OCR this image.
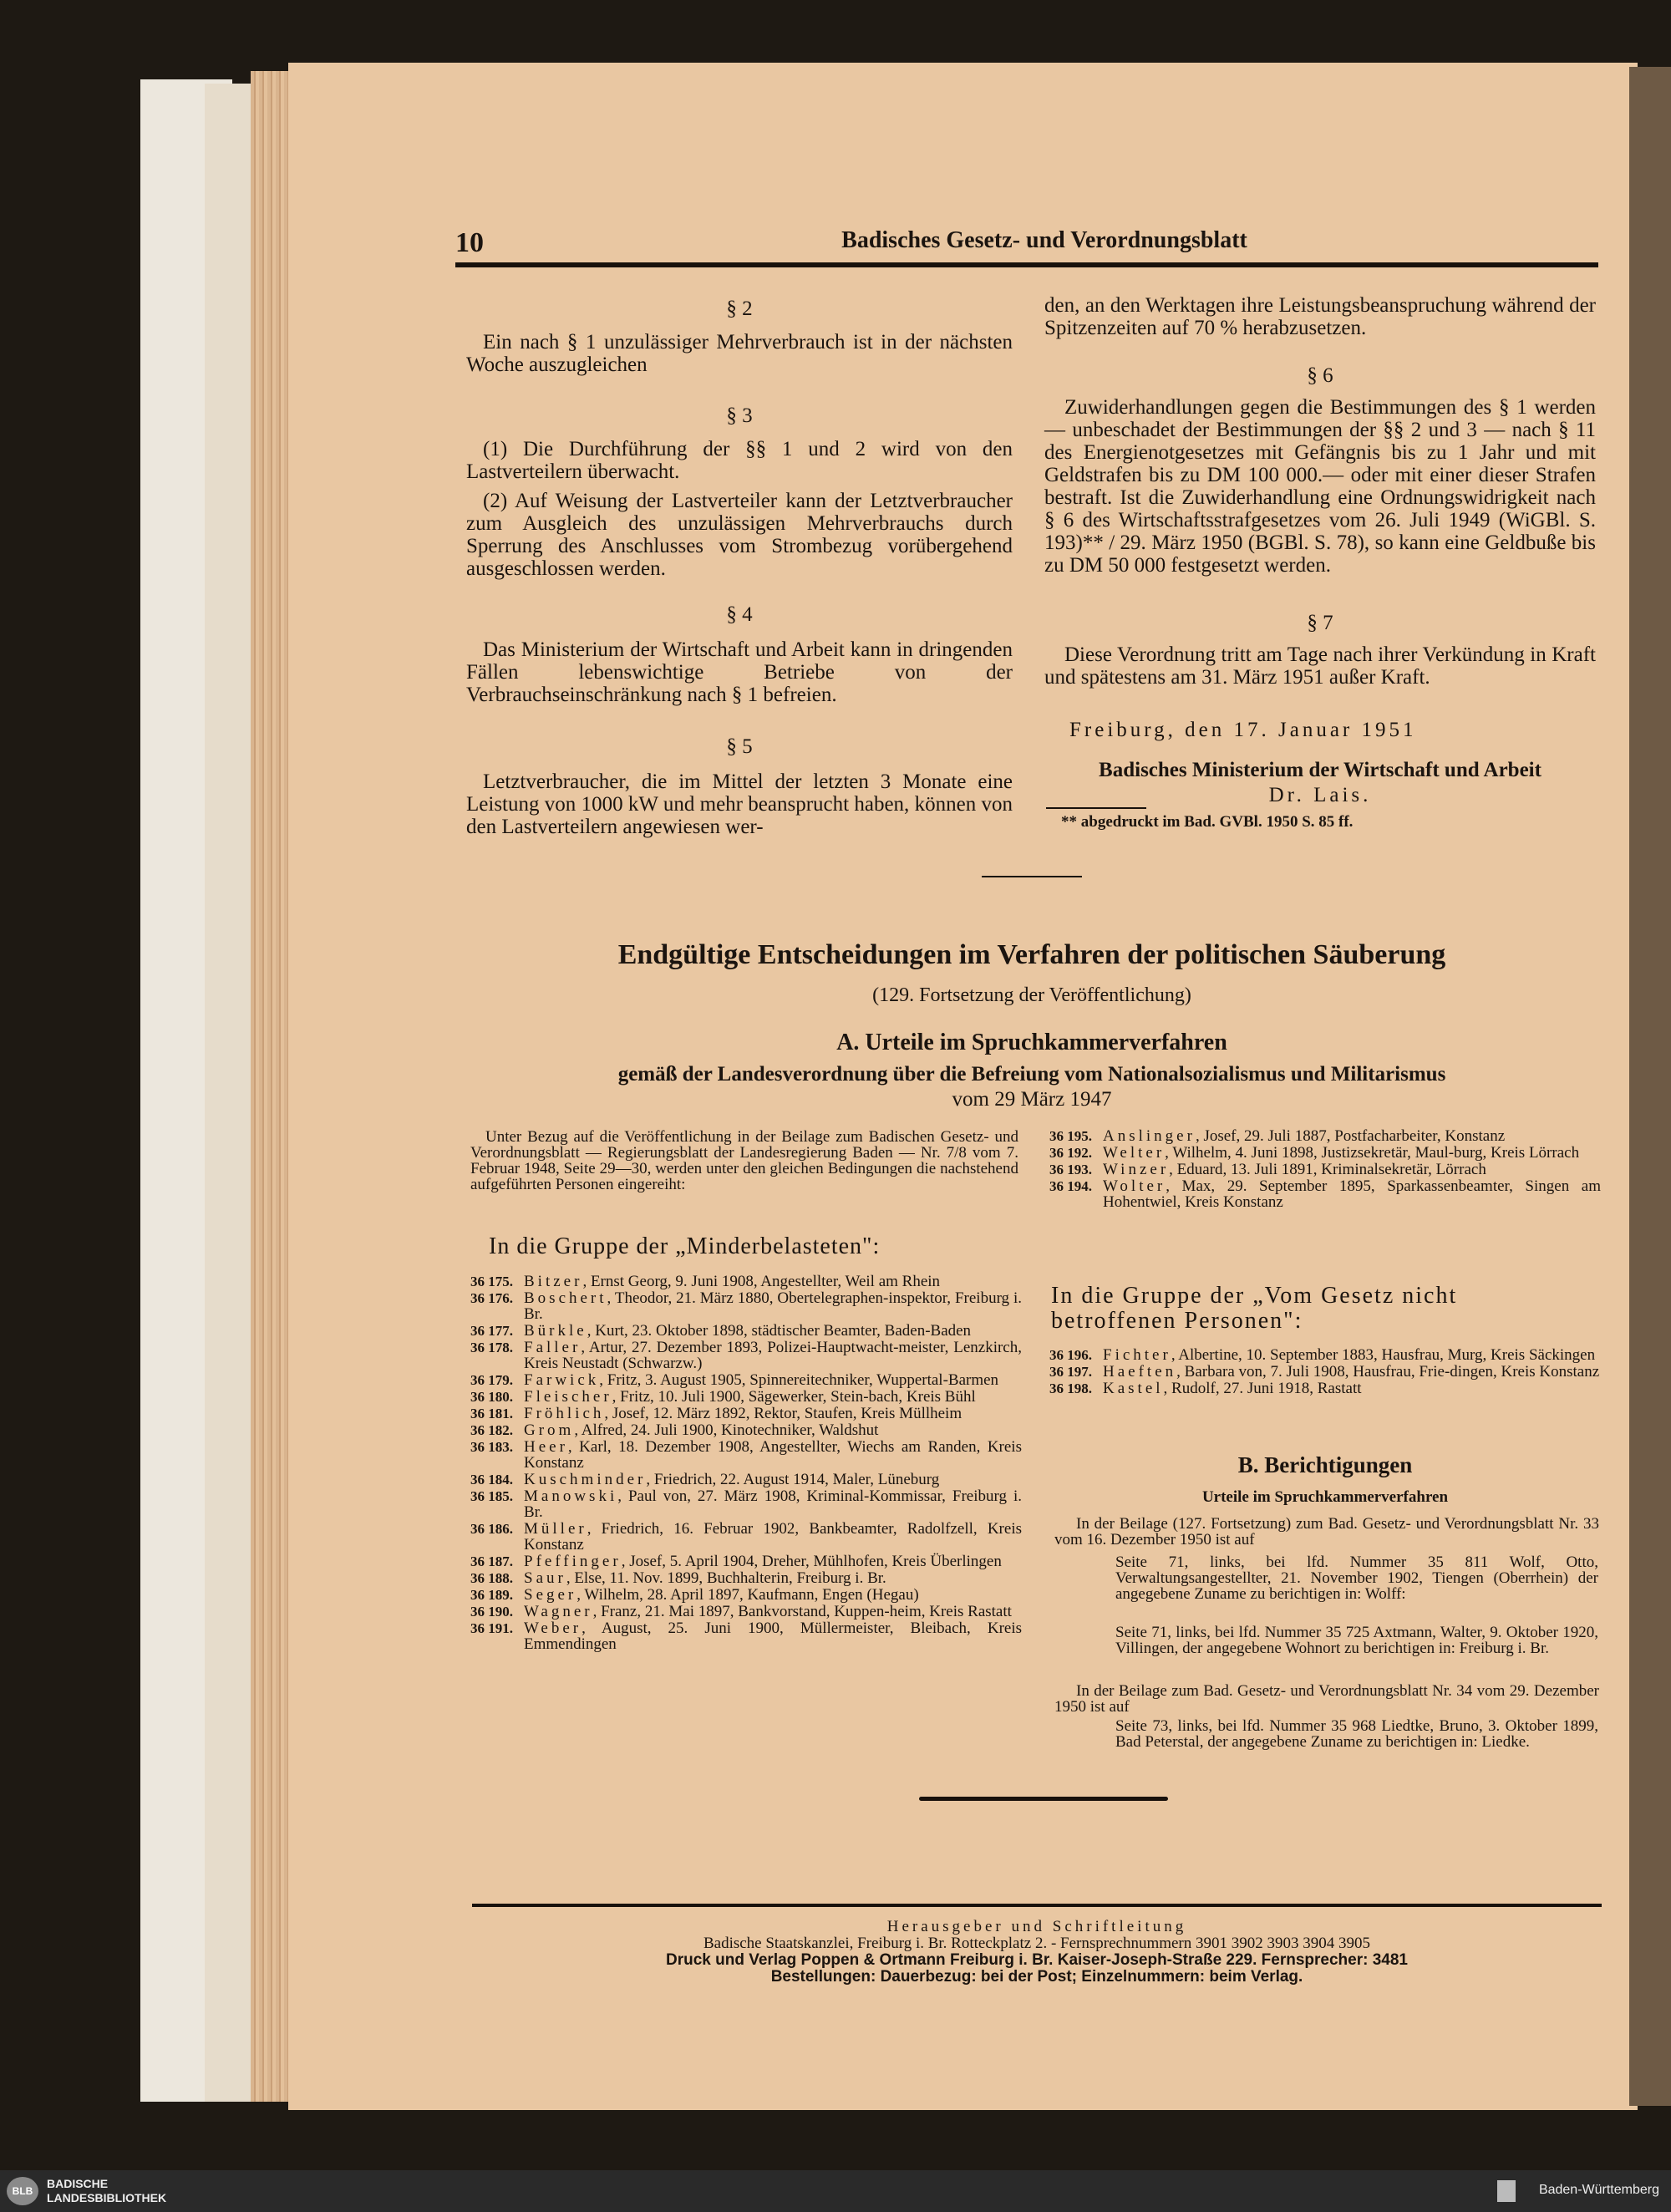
10	Badisches Gesetz- und Verordnungsblatt
§ 2
Ein nach § 1 unzulässiger Mehrverbrauch ist in der nächsten Woche auszugleichen
§ 3
(1) Die Durchführung der §§ 1 und 2 wird von den Lastverteilern überwacht.
(2) Auf Weisung der Lastverteiler kann der Letztverbraucher zum Ausgleich des unzulässigen Mehrverbrauchs durch Sperrung des Anschlusses vom Strombezug vorübergehend ausgeschlossen werden.
§ 4
Das Ministerium der Wirtschaft und Arbeit kann in dringenden Fällen lebenswichtige Betriebe von der Verbrauchseinschränkung nach § 1 befreien.
§ 5
Letztverbraucher, die im Mittel der letzten 3 Monate eine Leistung von 1000 kW und mehr beansprucht haben, können von den Lastverteilern angewiesen wer-
den, an den Werktagen ihre Leistungsbeanspruchung während der Spitzenzeiten auf 70 % herabzusetzen.
§ 6
Zuwiderhandlungen gegen die Bestimmungen des § 1 werden — unbeschadet der Bestimmungen der §§ 2 und 3 — nach § 11 des Energienotgesetzes mit Gefängnis bis zu 1 Jahr und mit Geldstrafen bis zu DM 100 000.— oder mit einer dieser Strafen bestraft. Ist die Zuwiderhandlung eine Ordnungswidrigkeit nach § 6 des Wirtschaftsstrafgesetzes vom 26. Juli 1949 (WiGBl. S. 193)** / 29. März 1950 (BGBl. S. 78), so kann eine Geldbuße bis zu DM 50 000 festgesetzt werden.
§ 7
Diese Verordnung tritt am Tage nach ihrer Verkündung in Kraft und spätestens am 31. März 1951 außer Kraft.
Freiburg, den 17. Januar 1951
Badisches Ministerium der Wirtschaft und Arbeit
Dr. Lais.
** abgedruckt im Bad. GVBl. 1950 S. 85 ff.
Endgültige Entscheidungen im Verfahren der politischen Säuberung
(129. Fortsetzung der Veröffentlichung)
A. Urteile im Spruchkammerverfahren
gemäß der Landesverordnung über die Befreiung vom Nationalsozialismus und Militarismus
vom 29 März 1947
Unter Bezug auf die Veröffentlichung in der Beilage zum Badischen Gesetz- und Verordnungsblatt — Regierungsblatt der Landesregierung Baden — Nr. 7/8 vom 7. Februar 1948, Seite 29—30, werden unter den gleichen Bedingungen die nachstehend aufgeführten Personen eingereiht:
In die Gruppe der „Minderbelasteten":
36 175. Bitzer, Ernst Georg, 9. Juni 1908, Angestellter, Weil am Rhein
36 176. Boschert, Theodor, 21. März 1880, Obertelegraphen-inspektor, Freiburg i. Br.
36 177. Bürkle, Kurt, 23. Oktober 1898, städtischer Beamter, Baden-Baden
36 178. Faller, Artur, 27. Dezember 1893, Polizei-Hauptwacht-meister, Lenzkirch, Kreis Neustadt (Schwarzw.)
36 179. Farwick, Fritz, 3. August 1905, Spinnereitechniker, Wuppertal-Barmen
36 180. Fleischer, Fritz, 10. Juli 1900, Sägewerker, Stein-bach, Kreis Bühl
36 181. Fröhlich, Josef, 12. März 1892, Rektor, Staufen, Kreis Müllheim
36 182. Grom, Alfred, 24. Juli 1900, Kinotechniker, Waldshut
36 183. Heer, Karl, 18. Dezember 1908, Angestellter, Wiechs am Randen, Kreis Konstanz
36 184. Kuschminder, Friedrich, 22. August 1914, Maler, Lüneburg
36 185. Manowski, Paul von, 27. März 1908, Kriminal-Kommissar, Freiburg i. Br.
36 186. Müller, Friedrich, 16. Februar 1902, Bankbeamter, Radolfzell, Kreis Konstanz
36 187. Pfeffinger, Josef, 5. April 1904, Dreher, Mühlhofen, Kreis Überlingen
36 188. Saur, Else, 11. Nov. 1899, Buchhalterin, Freiburg i. Br.
36 189. Seger, Wilhelm, 28. April 1897, Kaufmann, Engen (Hegau)
36 190. Wagner, Franz, 21. Mai 1897, Bankvorstand, Kuppen-heim, Kreis Rastatt
36 191. Weber, August, 25. Juni 1900, Müllermeister, Bleibach, Kreis Emmendingen
36 195. Anslinger, Josef, 29. Juli 1887, Postfacharbeiter, Konstanz
36 192. Welter, Wilhelm, 4. Juni 1898, Justizsekretär, Maul-burg, Kreis Lörrach
36 193. Winzer, Eduard, 13. Juli 1891, Kriminalsekretär, Lörrach
36 194. Wolter, Max, 29. September 1895, Sparkassenbeamter, Singen am Hohentwiel, Kreis Konstanz
In die Gruppe der „Vom Gesetz nicht betroffenen Personen":
36 196. Fichter, Albertine, 10. September 1883, Hausfrau, Murg, Kreis Säckingen
36 197. Haeften, Barbara von, 7. Juli 1908, Hausfrau, Frie-dingen, Kreis Konstanz
36 198. Kastel, Rudolf, 27. Juni 1918, Rastatt
B. Berichtigungen
Urteile im Spruchkammerverfahren
In der Beilage (127. Fortsetzung) zum Bad. Gesetz- und Verordnungsblatt Nr. 33 vom 16. Dezember 1950 ist auf
Seite 71, links, bei lfd. Nummer 35 811 Wolf, Otto, Verwaltungsangestellter, 21. November 1902, Tiengen (Oberrhein) der angegebene Zuname zu berichtigen in: Wolff:
Seite 71, links, bei lfd. Nummer 35 725 Axtmann, Walter, 9. Oktober 1920, Villingen, der angegebene Wohnort zu berichtigen in: Freiburg i. Br.
In der Beilage zum Bad. Gesetz- und Verordnungsblatt Nr. 34 vom 29. Dezember 1950 ist auf
Seite 73, links, bei lfd. Nummer 35 968 Liedtke, Bruno, 3. Oktober 1899, Bad Peterstal, der angegebene Zuname zu berichtigen in: Liedke.
Herausgeber und Schriftleitung
Badische Staatskanzlei, Freiburg i. Br. Rotteckplatz 2. - Fernsprechnummern 3901 3902 3903 3904 3905
Druck und Verlag Poppen & Ortmann Freiburg i. Br. Kaiser-Joseph-Straße 229. Fernsprecher: 3481
Bestellungen: Dauerbezug: bei der Post; Einzelnummern: beim Verlag.
BLB
BADISCHE
LANDESBIBLIOTHEK
Baden-Württemberg
